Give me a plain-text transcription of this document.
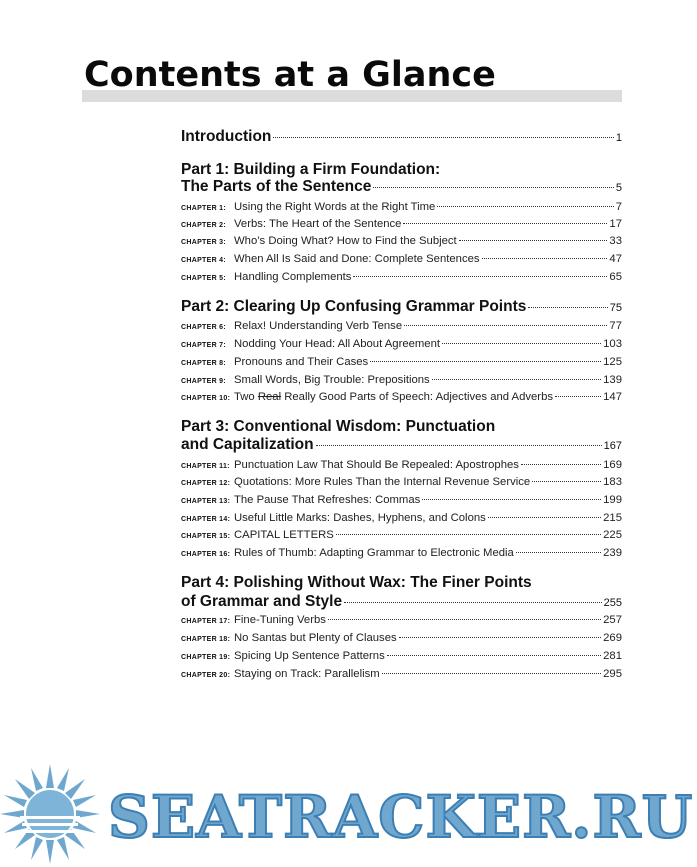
Contents at a Glance
Introduction	1
Part 1: Building a Firm Foundation:
The Parts of the Sentence	5
CHAPTER 1: Using the Right Words at the Right Time	7
CHAPTER 2: Verbs: The Heart of the Sentence	17
CHAPTER 3: Who’s Doing What? How to Find the Subject	33
CHAPTER 4: When All Is Said and Done: Complete Sentences	47
CHAPTER 5: Handling Complements	65
Part 2: Clearing Up Confusing Grammar Points	75
CHAPTER 6: Relax! Understanding Verb Tense	77
CHAPTER 7: Nodding Your Head: All About Agreement	103
CHAPTER 8: Pronouns and Their Cases	125
CHAPTER 9: Small Words, Big Trouble: Prepositions	139
CHAPTER 10: Two Real Really Good Parts of Speech: Adjectives and Adverbs	147
Part 3: Conventional Wisdom: Punctuation
and Capitalization	167
CHAPTER 11: Punctuation Law That Should Be Repealed: Apostrophes	169
CHAPTER 12: Quotations: More Rules Than the Internal Revenue Service	183
CHAPTER 13: The Pause That Refreshes: Commas	199
CHAPTER 14: Useful Little Marks: Dashes, Hyphens, and Colons	215
CHAPTER 15: CAPITAL LETTERS	225
CHAPTER 16: Rules of Thumb: Adapting Grammar to Electronic Media	239
Part 4: Polishing Without Wax: The Finer Points
of Grammar and Style	255
CHAPTER 17: Fine-Tuning Verbs	257
CHAPTER 18: No Santas but Plenty of Clauses	269
CHAPTER 19: Spicing Up Sentence Patterns	281
CHAPTER 20: Staying on Track: Parallelism	295
SEATRACKER.RU
